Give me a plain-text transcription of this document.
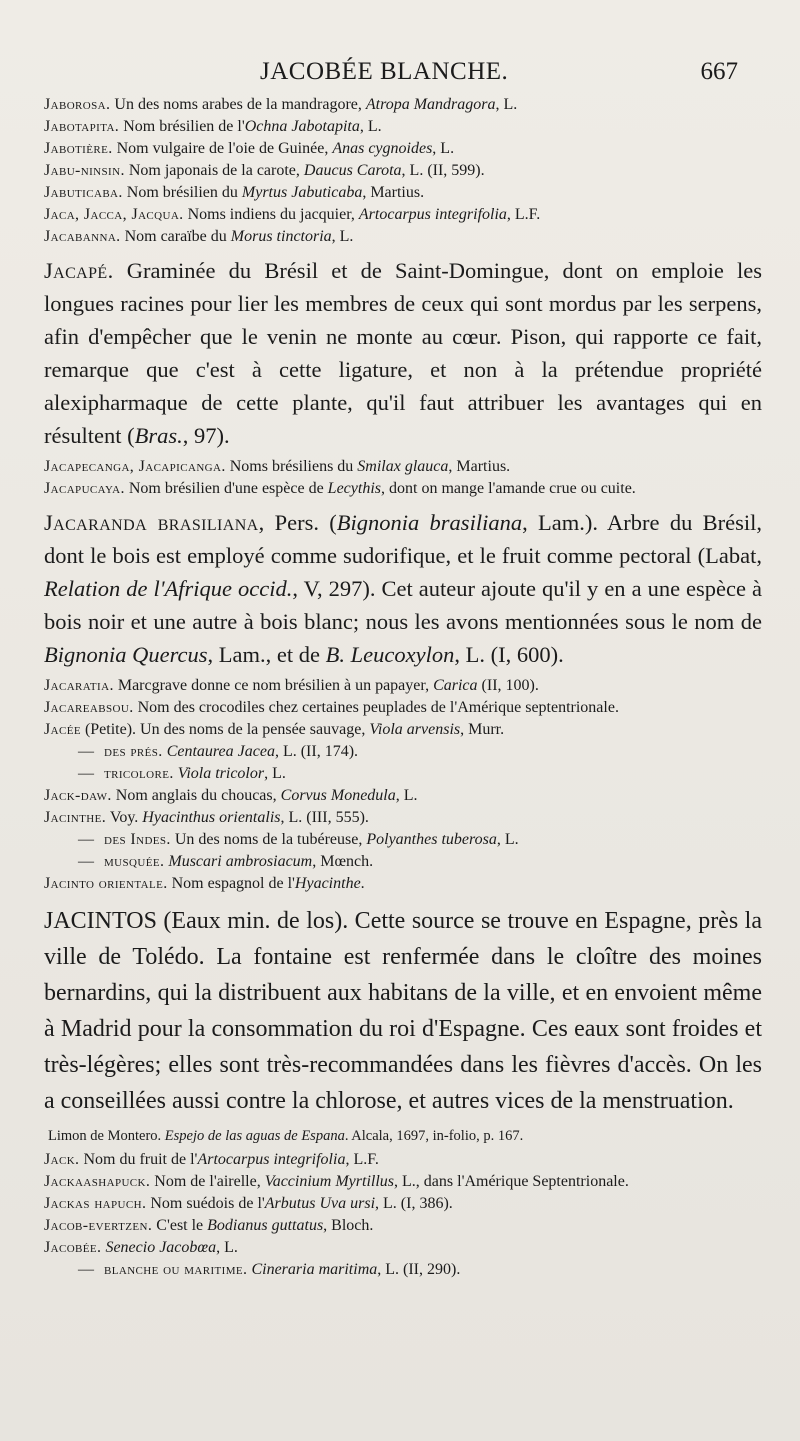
JACOBÉE BLANCHE.	667
Jaborosa. Un des noms arabes de la mandragore, Atropa Mandragora, L.
Jabotapita. Nom brésilien de l'Ochna Jabotapita, L.
Jabotière. Nom vulgaire de l'oie de Guinée, Anas cygnoides, L.
Jabu-ninsin. Nom japonais de la carote, Daucus Carota, L. (II, 599).
Jabuticaba. Nom brésilien du Myrtus Jabuticaba, Martius.
Jaca, Jacca, Jacqua. Noms indiens du jacquier, Artocarpus integrifolia, L.F.
Jacabanna. Nom caraïbe du Morus tinctoria, L.
Jacapé. Graminée du Brésil et de Saint-Domingue, dont on emploie les longues racines pour lier les membres de ceux qui sont mordus par les serpens, afin d'empêcher que le venin ne monte au cœur. Pison, qui rapporte ce fait, remarque que c'est à cette ligature, et non à la prétendue propriété alexipharmaque de cette plante, qu'il faut attribuer les avantages qui en résultent (Bras., 97).
Jacapecanga, Jacapicanga. Noms brésiliens du Smilax glauca, Martius.
Jacapucaya. Nom brésilien d'une espèce de Lecythis, dont on mange l'amande crue ou cuite.
Jacaranda brasiliana, Pers. (Bignonia brasiliana, Lam.). Arbre du Brésil, dont le bois est employé comme sudorifique, et le fruit comme pectoral (Labat, Relation de l'Afrique occid., V, 297). Cet auteur ajoute qu'il y en a une espèce à bois noir et une autre à bois blanc; nous les avons mentionnées sous le nom de Bignonia Quercus, Lam., et de B. Leucoxylon, L. (I, 600).
Jacaratia. Marcgrave donne ce nom brésilien à un papayer, Carica (II, 100).
Jacareabsou. Nom des crocodiles chez certaines peuplades de l'Amérique septentrionale.
Jacée (Petite). Un des noms de la pensée sauvage, Viola arvensis, Murr.
— des prés. Centaurea Jacea, L. (II, 174).
— tricolore. Viola tricolor, L.
Jack-daw. Nom anglais du choucas, Corvus Monedula, L.
Jacinthe. Voy. Hyacinthus orientalis, L. (III, 555).
— des Indes. Un des noms de la tubéreuse, Polyanthes tuberosa, L.
— musquée. Muscari ambrosiacum, Mœnch.
Jacinto orientale. Nom espagnol de l'Hyacinthe.
JACINTOS (Eaux min. de los). Cette source se trouve en Espagne, près la ville de Tolédo. La fontaine est renfermée dans le cloître des moines bernardins, qui la distribuent aux habitans de la ville, et en envoient même à Madrid pour la consommation du roi d'Espagne. Ces eaux sont froides et très-légères; elles sont très-recommandées dans les fièvres d'accès. On les a conseillées aussi contre la chlorose, et autres vices de la menstruation.
Limon de Montero. Espejo de las aguas de Espana. Alcala, 1697, in-folio, p. 167.
Jack. Nom du fruit de l'Artocarpus integrifolia, L.F.
Jackaashapuck. Nom de l'airelle, Vaccinium Myrtillus, L., dans l'Amérique Septentrionale.
Jackas hapuch. Nom suédois de l'Arbutus Uva ursi, L. (I, 386).
Jacob-evertzen. C'est le Bodianus guttatus, Bloch.
Jacobée. Senecio Jacobœa, L.
— blanche ou maritime. Cineraria maritima, L. (II, 290).
